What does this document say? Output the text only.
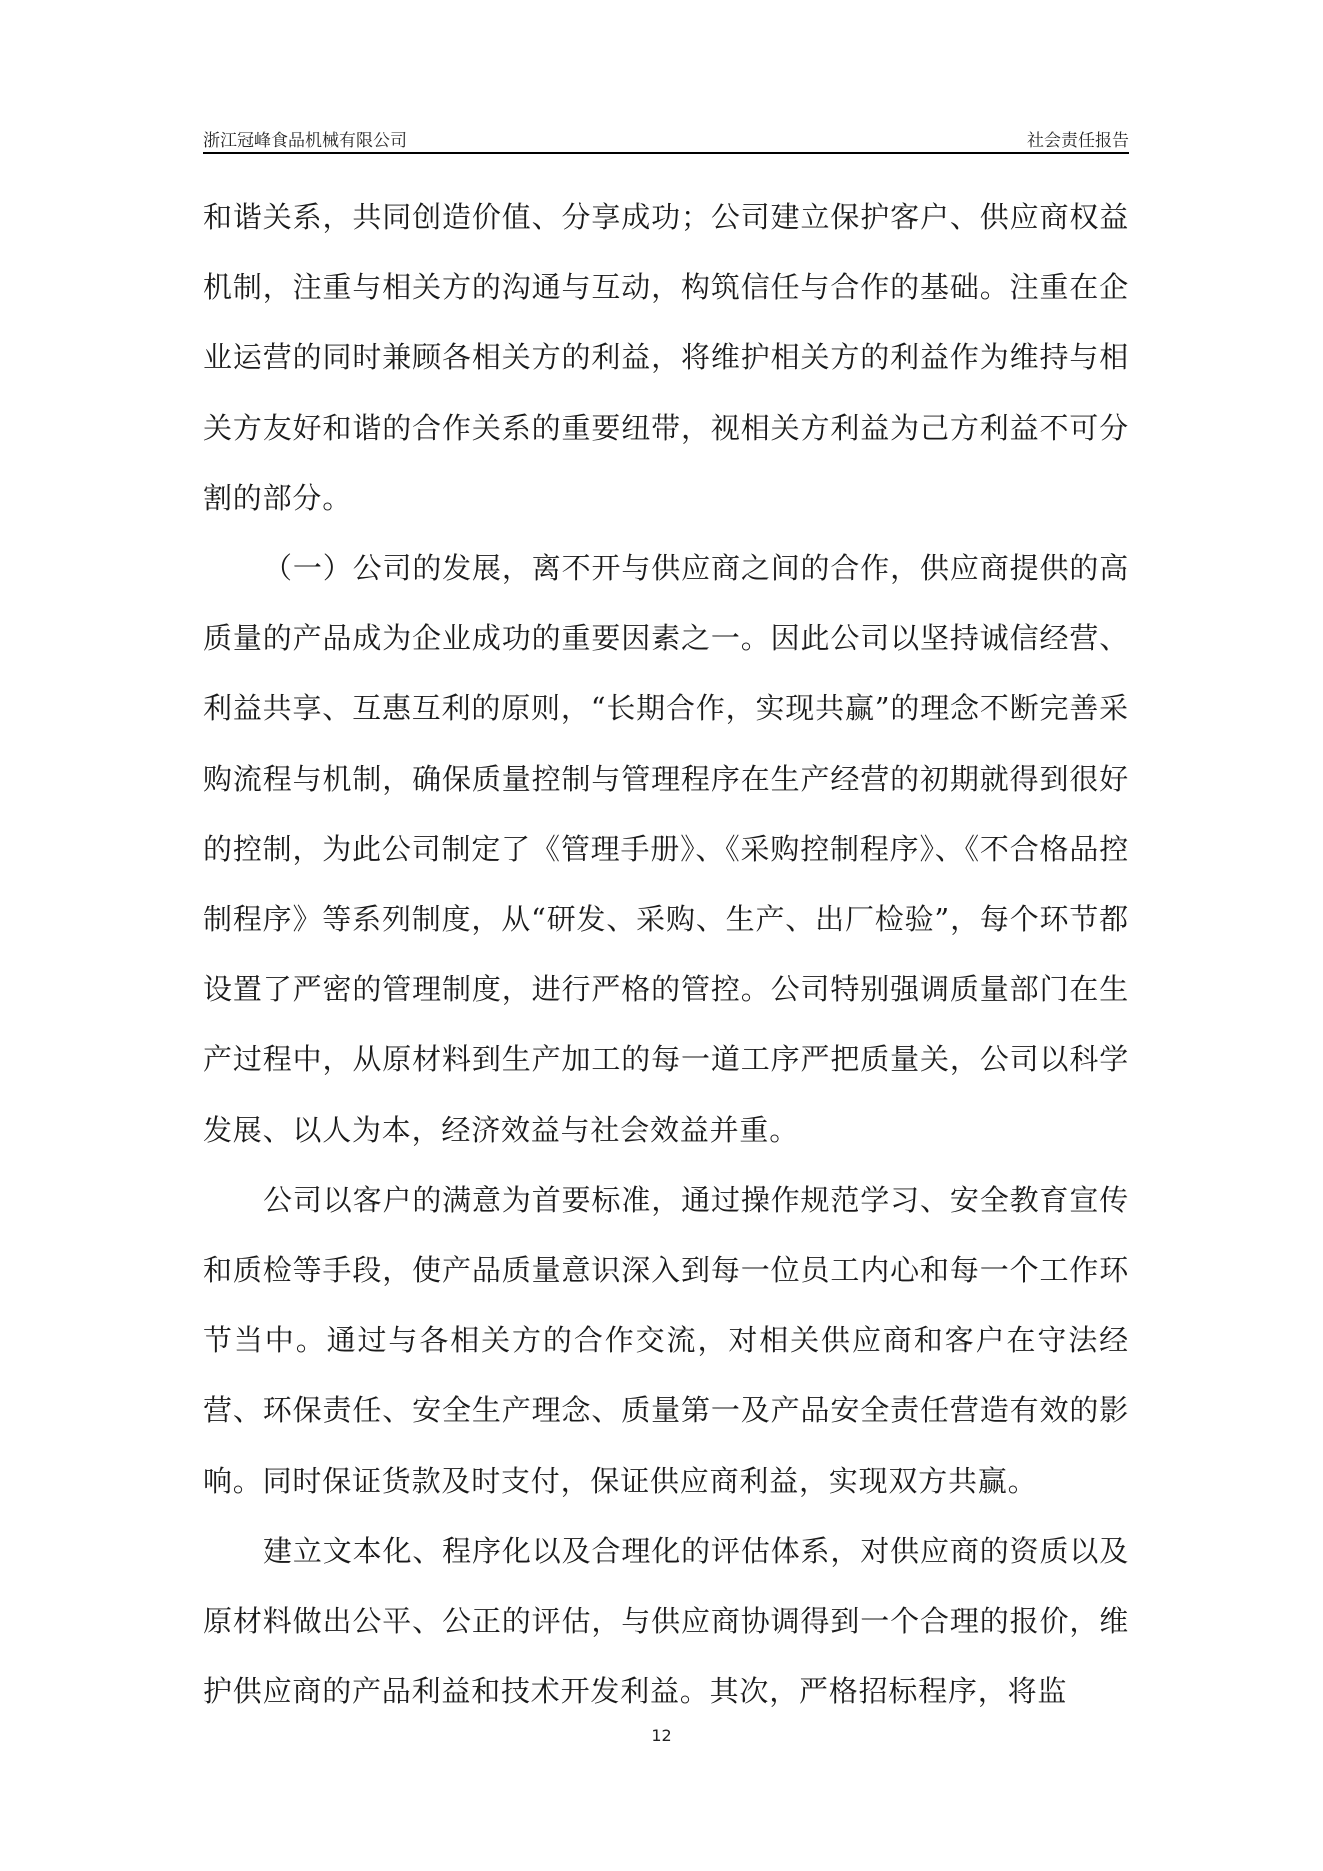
浙江冠峰食品机械有限公司	社会责任报告

和谐关系，共同创造价值、分享成功；公司建立保护客户、供应商权益机制，注重与相关方的沟通与互动，构筑信任与合作的基础。注重在企业运营的同时兼顾各相关方的利益，将维护相关方的利益作为维持与相关方友好和谐的合作关系的重要纽带，视相关方利益为己方利益不可分割的部分。

（一）公司的发展，离不开与供应商之间的合作，供应商提供的高质量的产品成为企业成功的重要因素之一。因此公司以坚持诚信经营、利益共享、互惠互利的原则，“长期合作，实现共赢”的理念不断完善采购流程与机制，确保质量控制与管理程序在生产经营的初期就得到很好的控制，为此公司制定了《管理手册》、《采购控制程序》、《不合格品控制程序》等系列制度，从“研发、采购、生产、出厂检验”，每个环节都设置了严密的管理制度，进行严格的管控。公司特别强调质量部门在生产过程中，从原材料到生产加工的每一道工序严把质量关，公司以科学发展、以人为本，经济效益与社会效益并重。

公司以客户的满意为首要标准，通过操作规范学习、安全教育宣传和质检等手段，使产品质量意识深入到每一位员工内心和每一个工作环节当中。通过与各相关方的合作交流，对相关供应商和客户在守法经营、环保责任、安全生产理念、质量第一及产品安全责任营造有效的影响。同时保证货款及时支付，保证供应商利益，实现双方共赢。

建立文本化、程序化以及合理化的评估体系，对供应商的资质以及原材料做出公平、公正的评估，与供应商协调得到一个合理的报价，维护供应商的产品利益和技术开发利益。其次，严格招标程序，将监

12
